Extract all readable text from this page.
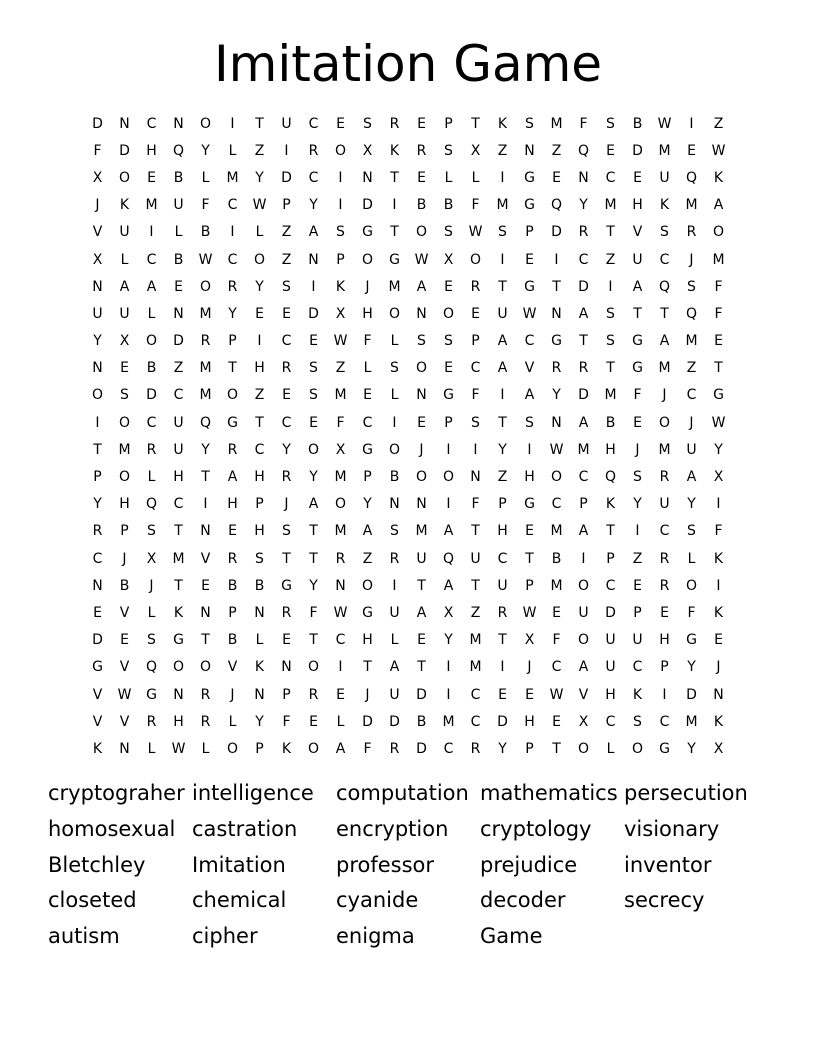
Imitation Game
D	N	C	N	O	I	T	U	C	E	S	R	E	P	T	K	S	M	F	S	B	W	I	Z
F	D	H	Q	Y	L	Z	I	R	O	X	K	R	S	X	Z	N	Z	Q	E	D	M	E	W
X	O	E	B	L	M	Y	D	C	I	N	T	E	L	L	I	G	E	N	C	E	U	Q	K
J	K	M	U	F	C	W	P	Y	I	D	I	B	B	F	M	G	Q	Y	M	H	K	M	A
V	U	I	L	B	I	L	Z	A	S	G	T	O	S	W	S	P	D	R	T	V	S	R	O
X	L	C	B	W	C	O	Z	N	P	O	G	W	X	O	I	E	I	C	Z	U	C	J	M
N	A	A	E	O	R	Y	S	I	K	J	M	A	E	R	T	G	T	D	I	A	Q	S	F
U	U	L	N	M	Y	E	E	D	X	H	O	N	O	E	U	W	N	A	S	T	T	Q	F
Y	X	O	D	R	P	I	C	E	W	F	L	S	S	P	A	C	G	T	S	G	A	M	E
N	E	B	Z	M	T	H	R	S	Z	L	S	O	E	C	A	V	R	R	T	G	M	Z	T
O	S	D	C	M	O	Z	E	S	M	E	L	N	G	F	I	A	Y	D	M	F	J	C	G
I	O	C	U	Q	G	T	C	E	F	C	I	E	P	S	T	S	N	A	B	E	O	J	W
T	M	R	U	Y	R	C	Y	O	X	G	O	J	I	I	Y	I	W	M	H	J	M	U	Y
P	O	L	H	T	A	H	R	Y	M	P	B	O	O	N	Z	H	O	C	Q	S	R	A	X
Y	H	Q	C	I	H	P	J	A	O	Y	N	N	I	F	P	G	C	P	K	Y	U	Y	I
R	P	S	T	N	E	H	S	T	M	A	S	M	A	T	H	E	M	A	T	I	C	S	F
C	J	X	M	V	R	S	T	T	R	Z	R	U	Q	U	C	T	B	I	P	Z	R	L	K
N	B	J	T	E	B	B	G	Y	N	O	I	T	A	T	U	P	M	O	C	E	R	O	I
E	V	L	K	N	P	N	R	F	W	G	U	A	X	Z	R	W	E	U	D	P	E	F	K
D	E	S	G	T	B	L	E	T	C	H	L	E	Y	M	T	X	F	O	U	U	H	G	E
G	V	Q	O	O	V	K	N	O	I	T	A	T	I	M	I	J	C	A	U	C	P	Y	J
V	W	G	N	R	J	N	P	R	E	J	U	D	I	C	E	E	W	V	H	K	I	D	N
V	V	R	H	R	L	Y	F	E	L	D	D	B	M	C	D	H	E	X	C	S	C	M	K
K	N	L	W	L	O	P	K	O	A	F	R	D	C	R	Y	P	T	O	L	O	G	Y	X
cryptograher intelligence	computation mathematics persecution
homosexual castration	encryption	cryptology	visionary
Bletchley	Imitation	professor	prejudice	inventor
closeted	chemical	cyanide	decoder	secrecy
autism	cipher	enigma	Game
